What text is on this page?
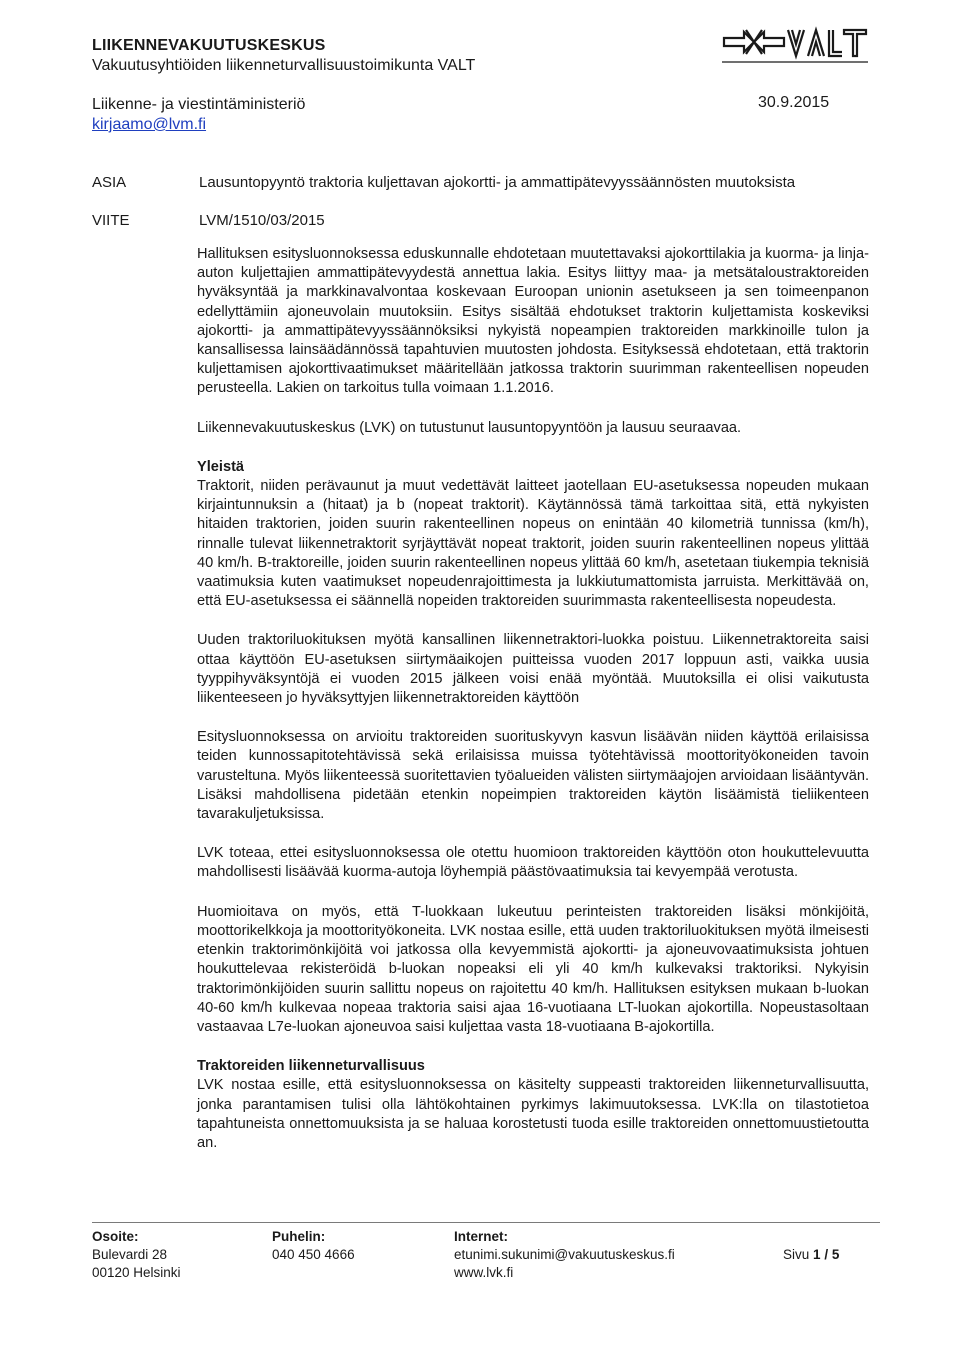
LIIKENNEVAKUUTUSKESKUS
Vakuutusyhtiöiden liikenneturvallisuustoimikunta VALT
Liikenne- ja viestintäministeriö
kirjaamo@lvm.fi
30.9.2015
ASIA	Lausuntopyyntö traktoria kuljettavan ajokortti- ja ammattipätevyyssäännösten muutoksista
VIITE	LVM/1510/03/2015

Hallituksen esitysluonnoksessa eduskunnalle ehdotetaan muutettavaksi ajokorttilakia ja kuorma- ja linja-auton kuljettajien ammattipätevyydestä annettua lakia. Esitys liittyy maa- ja metsätaloustraktoreiden hyväksyntää ja markkinavalvontaa koskevaan Euroopan unionin asetukseen ja sen toimeenpanon edellyttämiin ajoneuvolain muutoksiin. Esitys sisältää ehdotukset traktorin kuljettamista koskeviksi ajokortti- ja ammattipätevyyssäännöksiksi nykyistä nopeampien traktoreiden markkinoille tulon ja kansallisessa lainsäädännössä tapahtuvien muutosten johdosta. Esityksessä ehdotetaan, että traktorin kuljettamisen ajokorttivaatimukset määritellään jatkossa traktorin suurimman rakenteellisen nopeuden perusteella. Lakien on tarkoitus tulla voimaan 1.1.2016.

Liikennevakuutuskeskus (LVK) on tutustunut lausuntopyyntöön ja lausuu seuraavaa.

Yleistä

Traktorit, niiden perävaunut ja muut vedettävät laitteet jaotellaan EU-asetuksessa nopeuden mukaan kirjaintunnuksin a (hitaat) ja b (nopeat traktorit). Käytännössä tämä tarkoittaa sitä, että nykyisten hitaiden traktorien, joiden suurin rakenteellinen nopeus on enintään 40 kilometriä tunnissa (km/h), rinnalle tulevat liikennetraktorit syrjäyttävät nopeat traktorit, joiden suurin rakenteellinen nopeus ylittää 40 km/h. B-traktoreille, joiden suurin rakenteellinen nopeus ylittää 60 km/h, asetetaan tiukempia teknisiä vaatimuksia kuten vaatimukset nopeudenrajoittimesta ja lukkiutumattomista jarruista. Merkittävää on, että EU-asetuksessa ei säännellä nopeiden traktoreiden suurimmasta rakenteellisesta nopeudesta.

Uuden traktoriluokituksen myötä kansallinen liikennetraktori-luokka poistuu. Liikennetraktoreita saisi ottaa käyttöön EU-asetuksen siirtymäaikojen puitteissa vuoden 2017 loppuun asti, vaikka uusia tyyppihyväksyntöjä ei vuoden 2015 jälkeen voisi enää myöntää. Muutoksilla ei olisi vaikutusta liikenteeseen jo hyväksyttyjen liikennetraktoreiden käyttöön

Esitysluonnoksessa on arvioitu traktoreiden suorituskyvyn kasvun lisäävän niiden käyttöä erilaisissa teiden kunnossapitotehtävissä sekä erilaisissa muissa työtehtävissä moottorityökoneiden tavoin varusteltuna. Myös liikenteessä suoritettavien työalueiden välisten siirtymäajojen arvioidaan lisääntyvän. Lisäksi mahdollisena pidetään etenkin nopeimpien traktoreiden käytön lisäämistä tieliikenteen tavarakuljetuksissa.

LVK toteaa, ettei esitysluonnoksessa ole otettu huomioon traktoreiden käyttöön oton houkuttelevuutta mahdollisesti lisäävää kuorma-autoja löyhempiä päästövaatimuksia tai kevyempää verotusta.

Huomioitava on myös, että T-luokkaan lukeutuu perinteisten traktoreiden lisäksi mönkijöitä, moottorikelkkoja ja moottorityökoneita. LVK nostaa esille, että uuden traktoriluokituksen myötä ilmeisesti etenkin traktorimönkijöitä voi jatkossa olla kevyemmistä ajokortti- ja ajoneuvovaatimuksista johtuen houkuttelevaa rekisteröidä b-luokan nopeaksi eli yli 40 km/h kulkevaksi traktoriksi. Nykyisin traktorimönkijöiden suurin sallittu nopeus on rajoitettu 40 km/h. Hallituksen esityksen mukaan b-luokan 40-60 km/h kulkevaa nopeaa traktoria saisi ajaa 16-vuotiaana LT-luokan ajokortilla. Nopeustasoltaan vastaavaa L7e-luokan ajoneuvoa saisi kuljettaa vasta 18-vuotiaana B-ajokortilla.

Traktoreiden liikenneturvallisuus

LVK nostaa esille, että esitysluonnoksessa on käsitelty suppeasti traktoreiden liikenneturvallisuutta, jonka parantamisen tulisi olla lähtökohtainen pyrkimys lakimuutoksessa. LVK:lla on tilastotietoa tapahtuneista onnettomuuksista ja se haluaa korostetusti tuoda esille traktoreiden onnettomuustietoutta an.

Osoite:
Bulevardi 28
00120 Helsinki
Puhelin:
040 450 4666
Internet:
etunimi.sukunimi@vakuutuskeskus.fi
www.lvk.fi
Sivu 1 / 5
